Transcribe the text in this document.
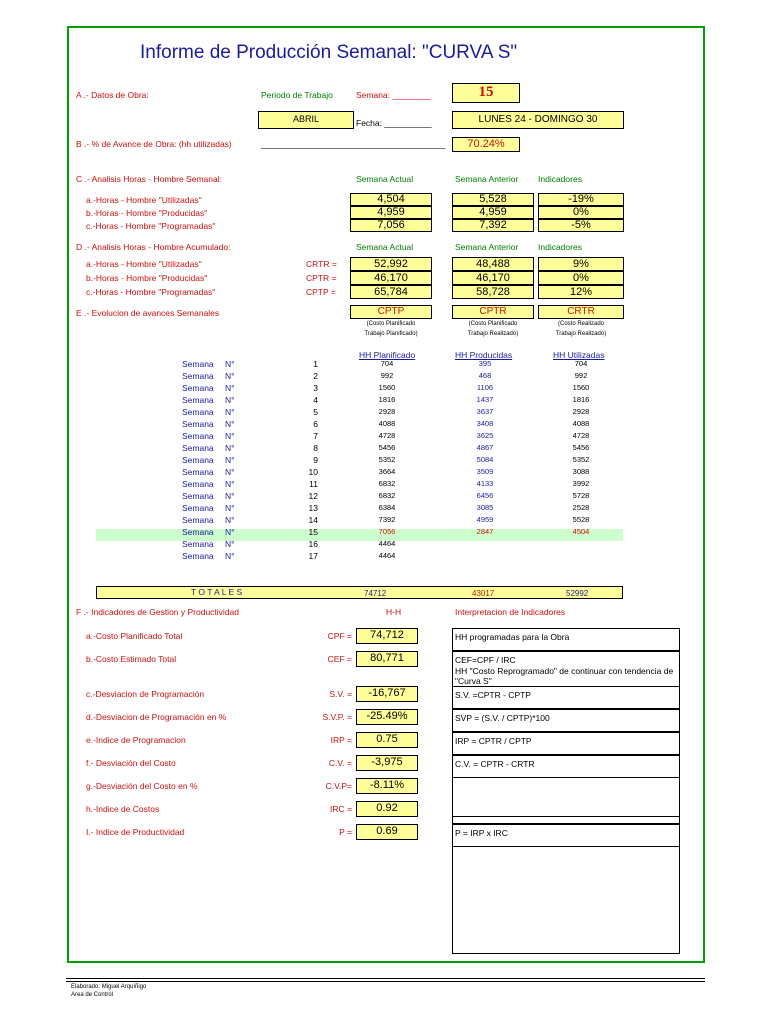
Informe de Producción Semanal: "CURVA S"
A .- Datos de Obra:	Periodo de Trabajo	Semana: ________	15
ABRIL	Fecha: __________	LUNES 24 - DOMINGO 30
B .- % de Avance de Obra: (hh utilizadas)	_______________________________________	70.24%
C .- Analisis Horas - Hombre Semanal:	Semana Actual	Semana Anterior Indicadores
a.-Horas - Hombre "Utilizadas"	4,504	5,528	-19%
b.-Horas - Hombre "Producidas"	4,959	4,959	0%
c.-Horas - Hombre "Programadas"	7,056	7,392	-5%
D .- Analisis Horas - Hombre Acumulado:	Semana Actual	Semana Anterior Indicadores
a.-Horas - Hombre "Utilizadas"	CRTR =	52,992	48,488	9%
b.-Horas - Hombre "Producidas"	CPTR =	46,170	46,170	0%
c.-Horas - Hombre "Programadas"	CPTP =	65,784	58,728	12%
E .- Evolucion de avances Semanales	CPTP
(Costo Planificado
Trabajo Planificado)
CPTR
(Costo Planificado
Trabajo Realizado)
CRTR
(Costo Realizado
Trabajo Realizado)
HH Planificado	HH Producidas	HH Utilizadas
Semana N°	1	704	395	704
Semana N°	2	992	468	992
Semana N°	3	1560	1106	1560
Semana N°	4	1816	1437	1816
Semana N°	5	2928	3637	2928
Semana N°	6	4088	3408	4088
Semana N°	7	4728	3625	4728
Semana N°	8	5456	4867	5456
Semana N°	9	5352	5084	5352
Semana N°	10	3664	3509	3088
Semana N°	11	6832	4133	3992
Semana N°	12	6832	6456	5728
Semana N°	13	6384	3085	2528
Semana N°	14	7392	4959	5528
Semana N°	15	7056	2847	4504
Semana N°	16	4464
Semana N°	17	4464
T O T A L E S	74712	43017	52992
F .- Indicadores de Gestion y Productividad	H-H	Interpretacion de Indicadores
a.-Costo Planificado Total	CPF =	74,712	HH programadas para la Obra
b.-Costo Estimado Total	CEF =	80,771	CEF=CPF / IRC
HH "Costo Reprogramado" de continuar con tendencia de "Curva S"
c.-Desviacion de Programación	S.V. =	-16,767	S.V. =CPTR - CPTP
d.-Desviacion de Programación en %	S.V.P. =	-25.49%	SVP = (S.V. / CPTP)*100
e.-Indice de Programacion	IRP =	0.75	IRP = CPTR / CPTP
f.- Desviación del Costo	C.V. =	-3,975	C.V. = CPTR - CRTR
g.-Desviación del Costo en %	C.V.P=	-8.11%
h.-Indice de Costos	IRC =	0.92
I.- Indice de Productividad	P =	0.69	P = IRP x IRC
Elaborado: Miguel Arquíñigo
Area de Control
